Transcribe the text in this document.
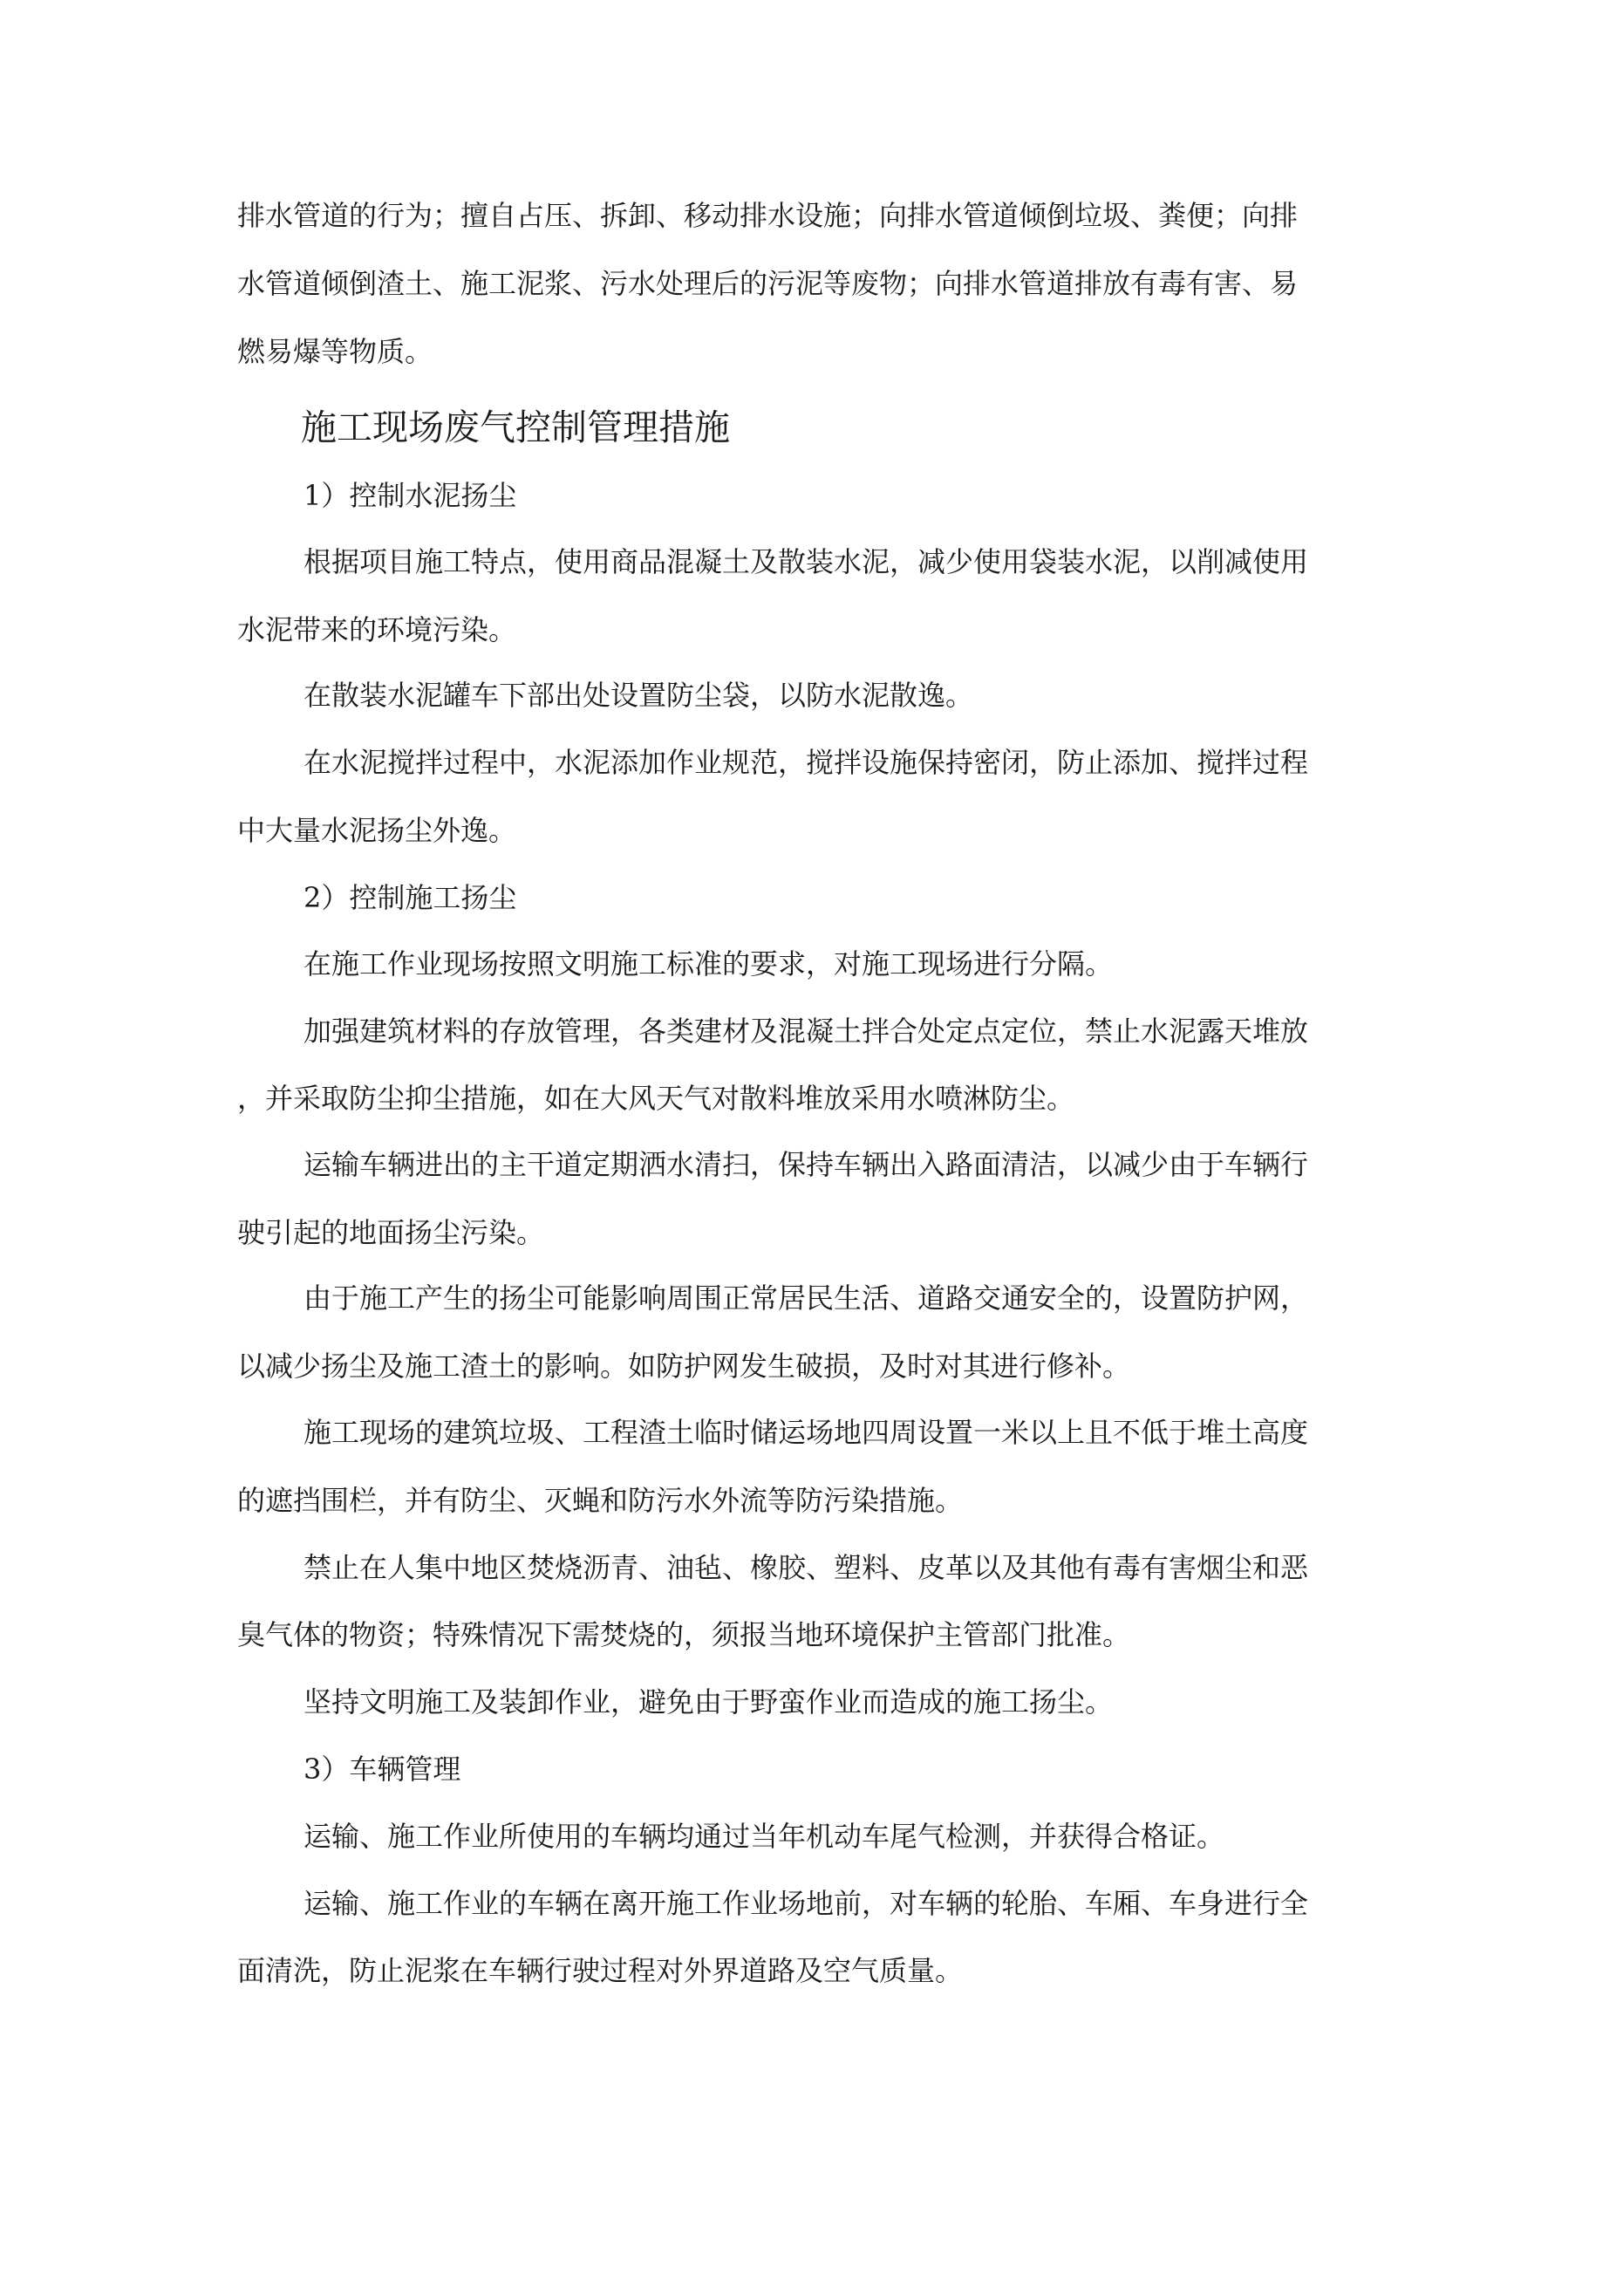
排水管道的行为；擅自占压、拆卸、移动排水设施；向排水管道倾倒垃圾、粪便；向排
水管道倾倒渣土、施工泥浆、污水处理后的污泥等废物；向排水管道排放有毒有害、易
燃易爆等物质。
施工现场废气控制管理措施
1）控制水泥扬尘
根据项目施工特点，使用商品混凝土及散装水泥，减少使用袋装水泥，以削减使用
水泥带来的环境污染。
在散装水泥罐车下部出处设置防尘袋，以防水泥散逸。
在水泥搅拌过程中，水泥添加作业规范，搅拌设施保持密闭，防止添加、搅拌过程
中大量水泥扬尘外逸。
2）控制施工扬尘
在施工作业现场按照文明施工标准的要求，对施工现场进行分隔。
加强建筑材料的存放管理，各类建材及混凝土拌合处定点定位，禁止水泥露天堆放
，并采取防尘抑尘措施，如在大风天气对散料堆放采用水喷淋防尘。
运输车辆进出的主干道定期洒水清扫，保持车辆出入路面清洁，以减少由于车辆行
驶引起的地面扬尘污染。
由于施工产生的扬尘可能影响周围正常居民生活、道路交通安全的，设置防护网，
以减少扬尘及施工渣土的影响。如防护网发生破损，及时对其进行修补。
施工现场的建筑垃圾、工程渣土临时储运场地四周设置一米以上且不低于堆土高度
的遮挡围栏，并有防尘、灭蝇和防污水外流等防污染措施。
禁止在人集中地区焚烧沥青、油毡、橡胶、塑料、皮革以及其他有毒有害烟尘和恶
臭气体的物资；特殊情况下需焚烧的，须报当地环境保护主管部门批准。
坚持文明施工及装卸作业，避免由于野蛮作业而造成的施工扬尘。
3）车辆管理
运输、施工作业所使用的车辆均通过当年机动车尾气检测，并获得合格证。
运输、施工作业的车辆在离开施工作业场地前，对车辆的轮胎、车厢、车身进行全
面清洗，防止泥浆在车辆行驶过程对外界道路及空气质量。
